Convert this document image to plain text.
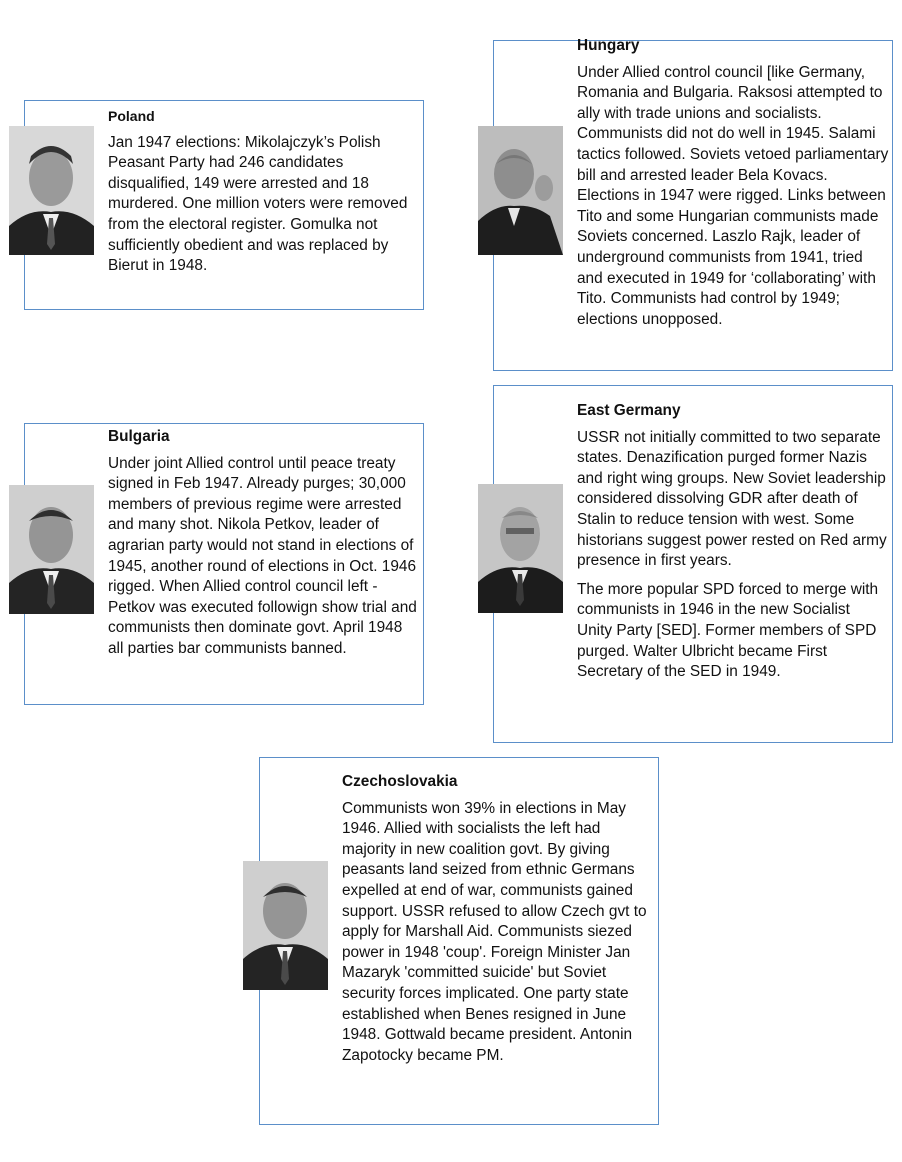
Poland
Jan 1947 elections: Mikolajczyk’s Polish Peasant Party had 246 candidates disqualified, 149 were arrested and 18 murdered. One million voters were removed from the electoral register. Gomulka not sufficiently obedient and was replaced by Bierut in 1948.
Hungary
Under Allied control council [like Germany, Romania and Bulgaria. Raksosi attempted to ally with trade unions and socialists. Communists did not do well in 1945. Salami tactics followed. Soviets vetoed parliamentary bill and arrested leader Bela Kovacs. Elections in 1947 were rigged. Links between Tito and some Hungarian communists made Soviets concerned. Laszlo Rajk, leader of underground communists from 1941, tried and executed in 1949 for ‘collaborating’ with Tito. Communists had control by 1949; elections unopposed.
Bulgaria
Under joint Allied control until peace treaty signed in Feb 1947. Already purges; 30,000 members of previous regime were arrested and many shot. Nikola Petkov, leader of agrarian party would not stand in elections of 1945, another round of elections in Oct. 1946 rigged. When Allied control council left - Petkov was executed followign show trial and communists then dominate govt. April 1948 all parties bar communists banned.
East Germany
USSR not initially committed to two separate states. Denazification purged former Nazis and right wing groups. New Soviet leadership considered dissolving GDR after death of Stalin to reduce tension with west. Some historians suggest power rested on Red army presence in first years.
The more popular SPD forced to merge with communists in 1946 in the new Socialist Unity Party [SED]. Former members of SPD purged. Walter Ulbricht became First Secretary of the SED in 1949.
Czechoslovakia
Communists won 39% in elections in May 1946. Allied with socialists the left had majority in new coalition govt. By giving peasants land seized from ethnic Germans expelled at end of war, communists gained support. USSR refused to allow Czech gvt to apply for Marshall Aid. Communists siezed power in 1948 'coup'. Foreign Minister Jan Mazaryk 'committed suicide' but Soviet security forces implicated. One party state established when Benes resigned in June 1948. Gottwald became president. Antonin Zapotocky became PM.
